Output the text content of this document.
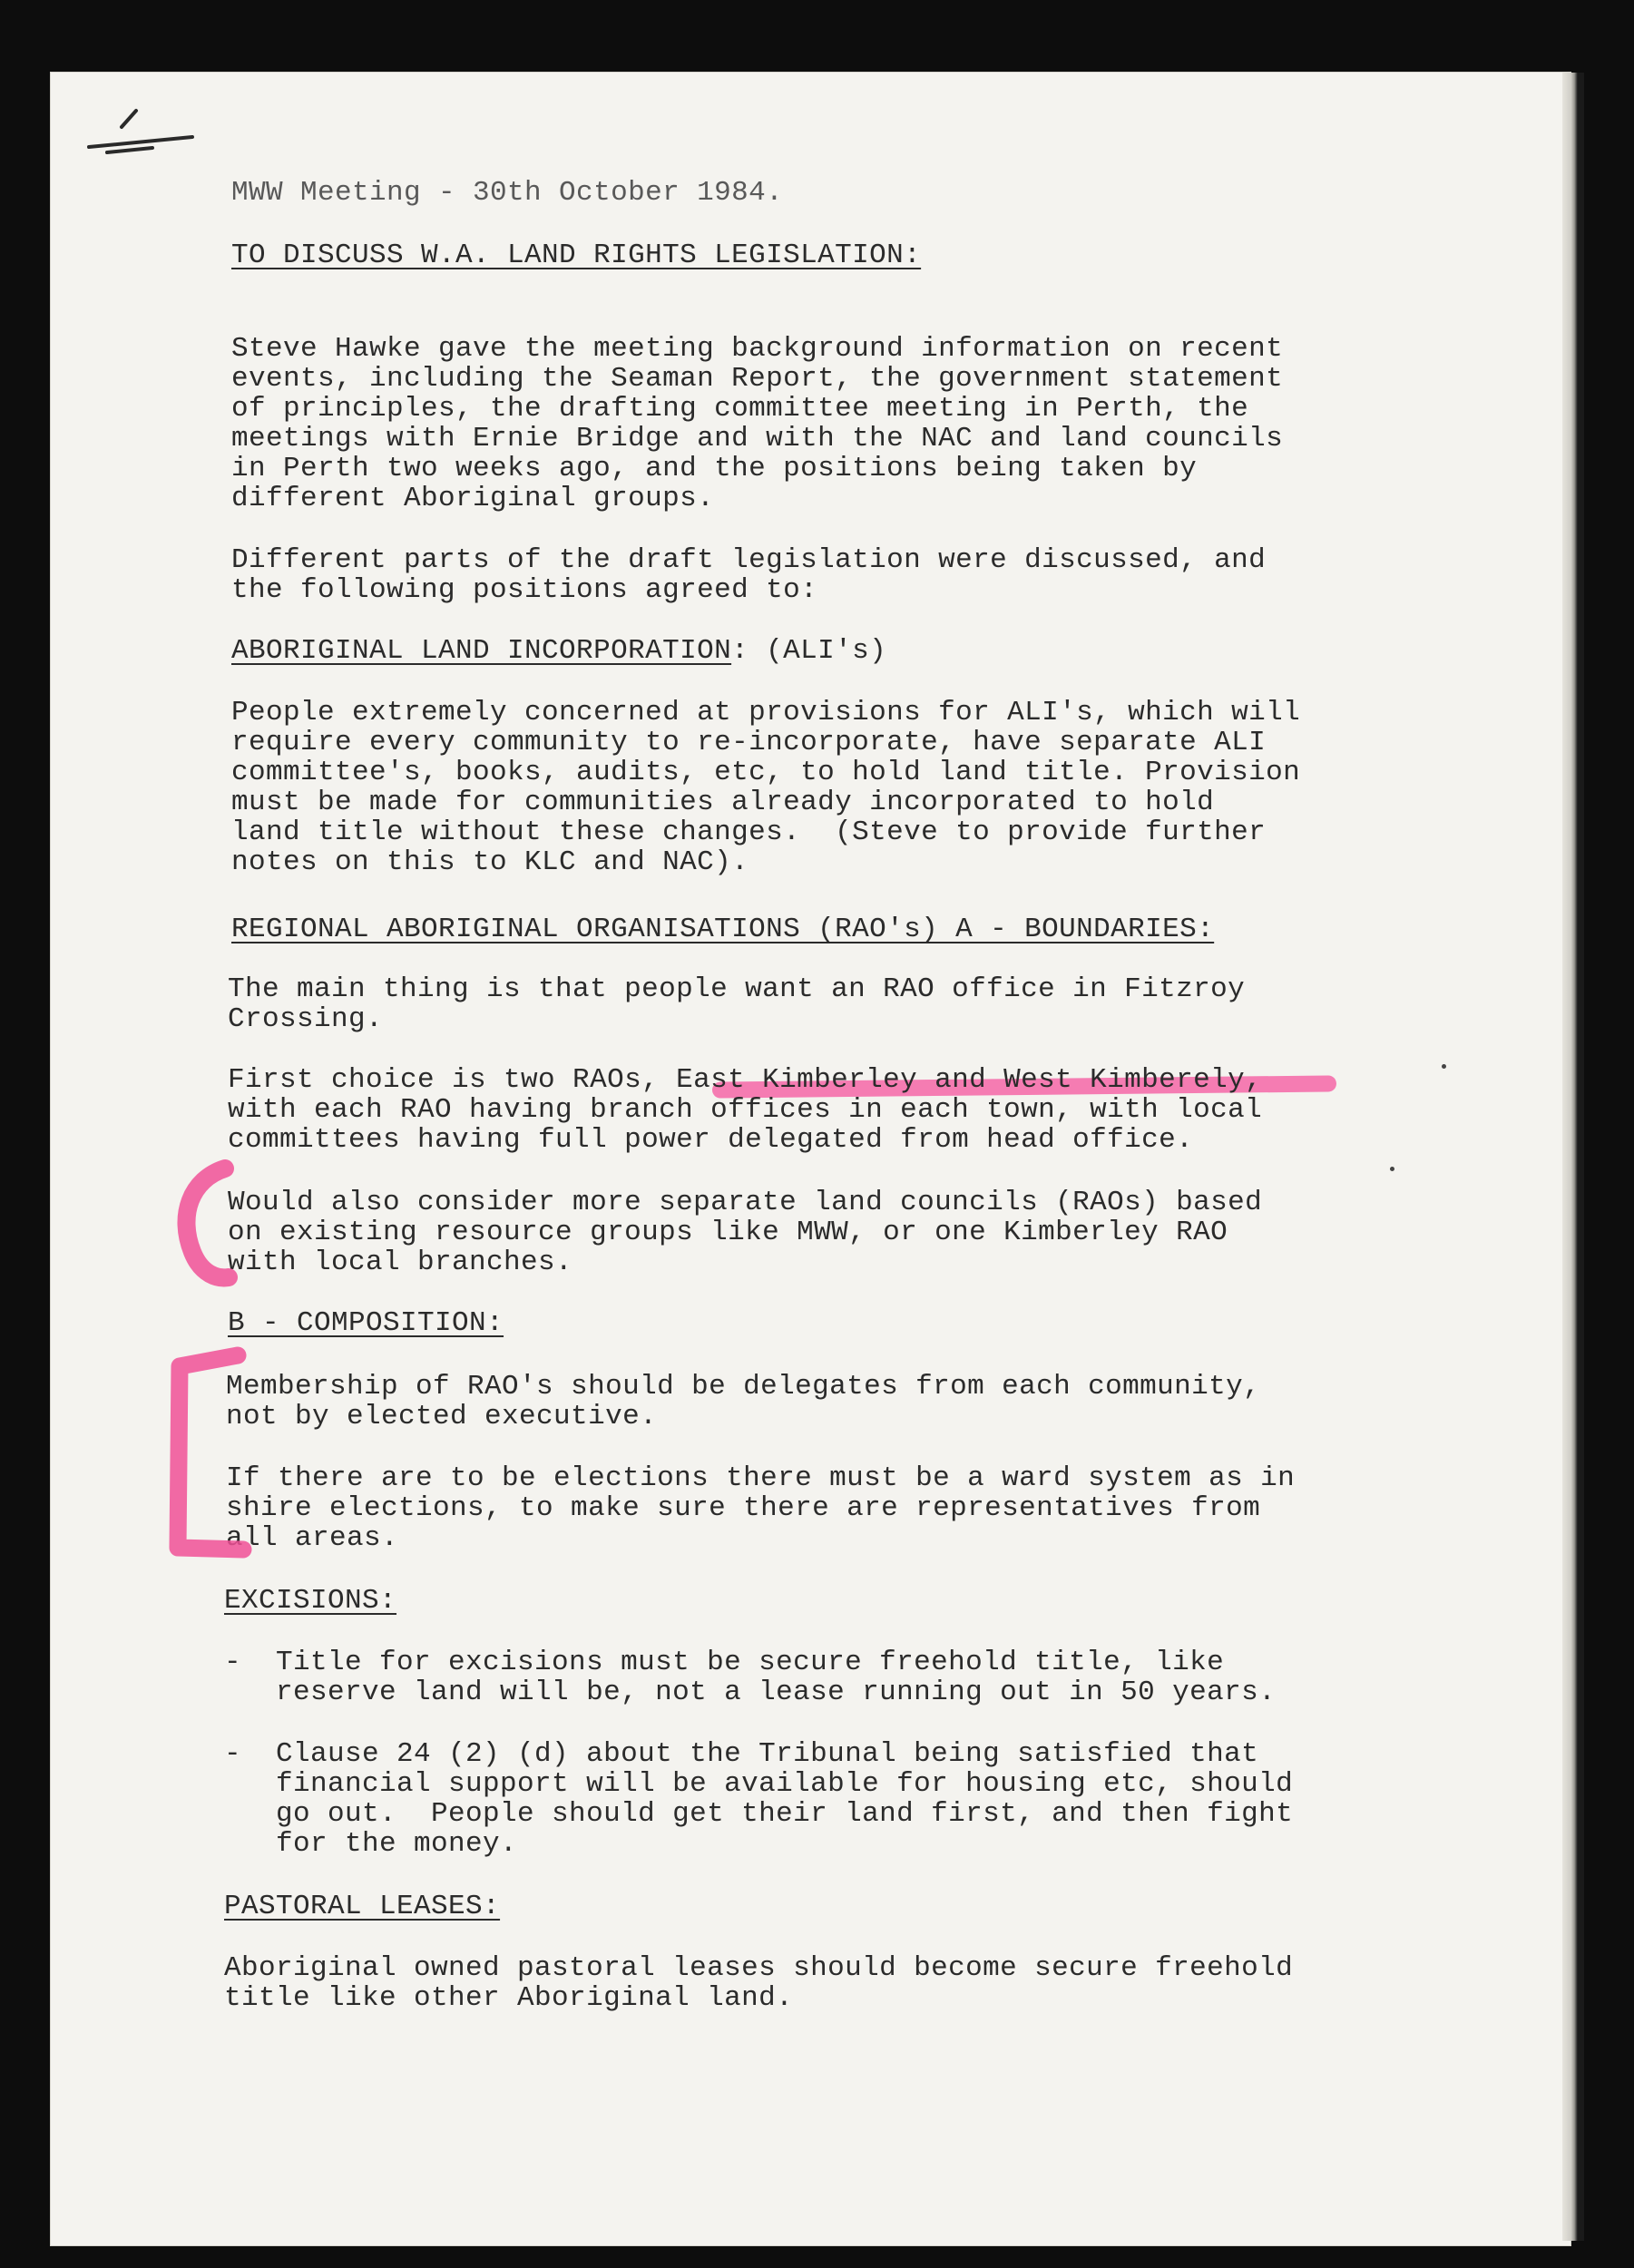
MWW Meeting - 30th October 1984.
TO DISCUSS W.A. LAND RIGHTS LEGISLATION:
Steve Hawke gave the meeting background information on recent
events, including the Seaman Report, the government statement
of principles, the drafting committee meeting in Perth, the
meetings with Ernie Bridge and with the NAC and land councils
in Perth two weeks ago, and the positions being taken by
different Aboriginal groups.
Different parts of the draft legislation were discussed, and
the following positions agreed to:
ABORIGINAL LAND INCORPORATION: (ALI's)
People extremely concerned at provisions for ALI's, which will
require every community to re-incorporate, have separate ALI
committee's, books, audits, etc, to hold land title. Provision
must be made for communities already incorporated to hold
land title without these changes.  (Steve to provide further
notes on this to KLC and NAC).
REGIONAL ABORIGINAL ORGANISATIONS (RAO's) A - BOUNDARIES:
The main thing is that people want an RAO office in Fitzroy
Crossing.
First choice is two RAOs, East Kimberley and West Kimberely,
with each RAO having branch offices in each town, with local
committees having full power delegated from head office.
Would also consider more separate land councils (RAOs) based
on existing resource groups like MWW, or one Kimberley RAO
with local branches.
B - COMPOSITION:
Membership of RAO's should be delegates from each community,
not by elected executive.
If there are to be elections there must be a ward system as in
shire elections, to make sure there are representatives from
all areas.
EXCISIONS:
-  Title for excisions must be secure freehold title, like
reserve land will be, not a lease running out in 50 years.
-  Clause 24 (2) (d) about the Tribunal being satisfied that
financial support will be available for housing etc, should
go out.  People should get their land first, and then fight
for the money.
PASTORAL LEASES:
Aboriginal owned pastoral leases should become secure freehold
title like other Aboriginal land.
